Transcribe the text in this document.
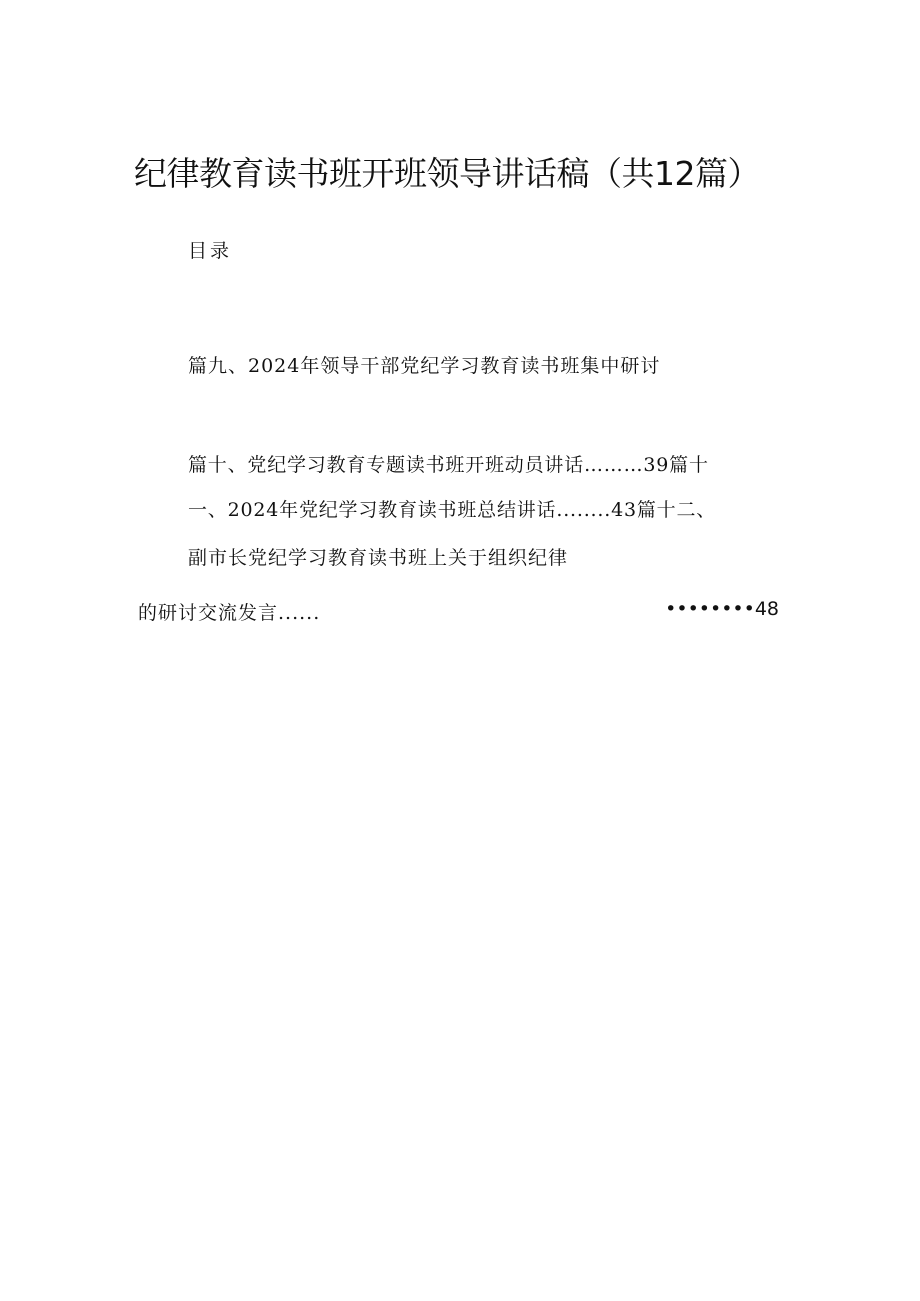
纪律教育读书班开班领导讲话稿（共12篇）
目录
篇九、2024年领导干部党纪学习教育读书班集中研讨
篇十、党纪学习教育专题读书班开班动员讲话………39篇十
一、2024年党纪学习教育读书班总结讲话........43篇十二、
副市长党纪学习教育读书班上关于组织纪律
的研讨交流发言......	••••••••48
